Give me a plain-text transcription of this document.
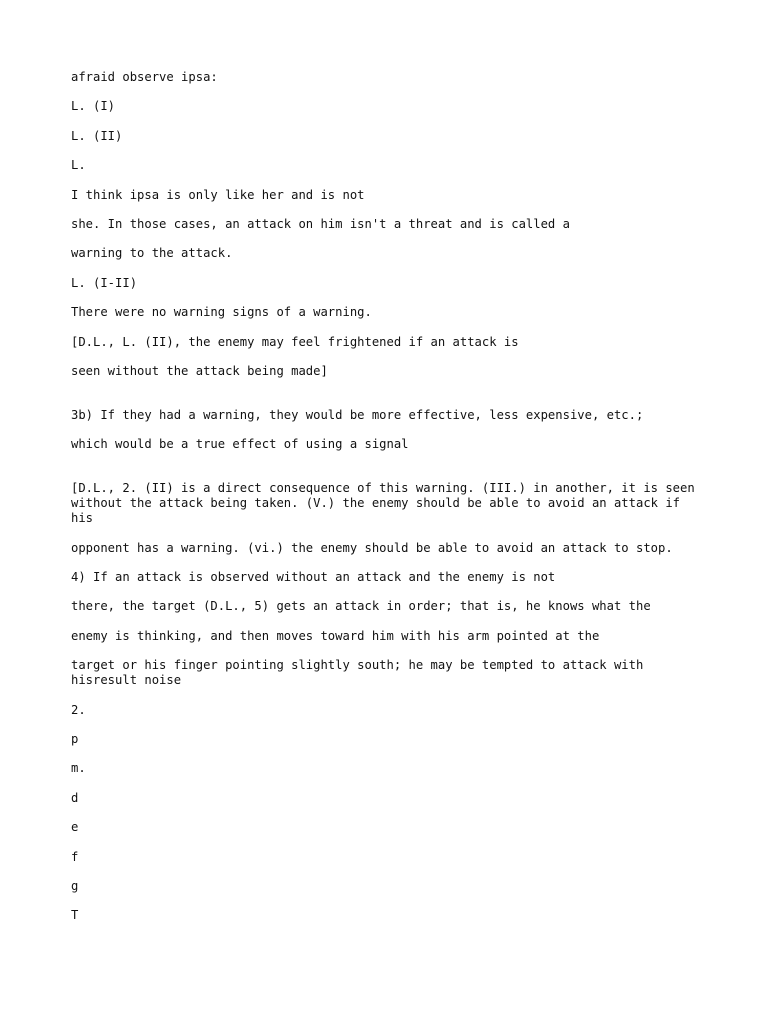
afraid observe ipsa:

L. (I)

L. (II)

L.

I think ipsa is only like her and is not

she. In those cases, an attack on him isn't a threat and is called a

warning to the attack.

L. (I-II)

There were no warning signs of a warning.

[D.L., L. (II), the enemy may feel frightened if an attack is

seen without the attack being made]

3b) If they had a warning, they would be more effective, less expensive, etc.;

which would be a true effect of using a signal

[D.L., 2. (II) is a direct consequence of this warning. (III.) in another, it is seen without the attack being taken. (V.) the enemy should be able to avoid an attack if his

opponent has a warning. (vi.) the enemy should be able to avoid an attack to stop.

4) If an attack is observed without an attack and the enemy is not

there, the target (D.L., 5) gets an attack in order; that is, he knows what the

enemy is thinking, and then moves toward him with his arm pointed at the

target or his finger pointing slightly south; he may be tempted to attack with hisresult noise

2.

p

m.

d

e

f

g

T
